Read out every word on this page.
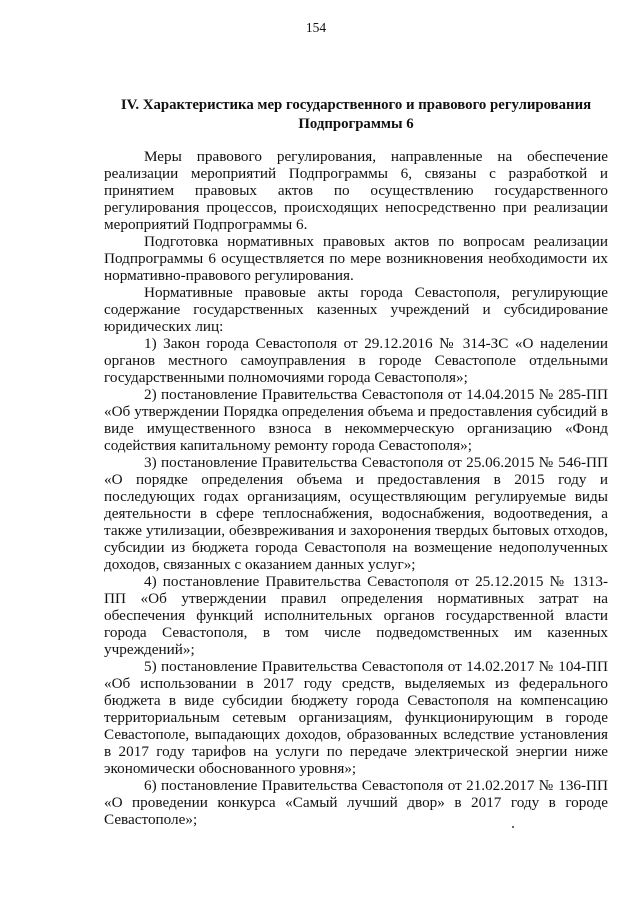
154
IV. Характеристика мер государственного и правового регулирования
Подпрограммы 6

Меры правового регулирования, направленные на обеспечение реализации мероприятий Подпрограммы 6, связаны с разработкой и принятием правовых актов по осуществлению государственного регулирования процессов, происходящих непосредственно при реализации мероприятий Подпрограммы 6.

Подготовка нормативных правовых актов по вопросам реализации Подпрограммы 6 осуществляется по мере возникновения необходимости их нормативно-правового регулирования.

Нормативные правовые акты города Севастополя, регулирующие содержание государственных казенных учреждений и субсидирование юридических лиц:

1) Закон города Севастополя от 29.12.2016 № 314-ЗС «О наделении органов местного самоуправления в городе Севастополе отдельными государственными полномочиями города Севастополя»;

2) постановление Правительства Севастополя от 14.04.2015 № 285-ПП «Об утверждении Порядка определения объема и предоставления субсидий в виде имущественного взноса в некоммерческую организацию «Фонд содействия капитальному ремонту города Севастополя»;

3) постановление Правительства Севастополя от 25.06.2015 № 546-ПП «О порядке определения объема и предоставления в 2015 году и последующих годах организациям, осуществляющим регулируемые виды деятельности в сфере теплоснабжения, водоснабжения, водоотведения, а также утилизации, обезвреживания и захоронения твердых бытовых отходов, субсидии из бюджета города Севастополя на возмещение недополученных доходов, связанных с оказанием данных услуг»;

4) постановление Правительства Севастополя от 25.12.2015 № 1313-ПП «Об утверждении правил определения нормативных затрат на обеспечения функций исполнительных органов государственной власти города Севастополя, в том числе подведомственных им казенных учреждений»;

5) постановление Правительства Севастополя от 14.02.2017 № 104-ПП «Об использовании в 2017 году средств, выделяемых из федерального бюджета в виде субсидии бюджету города Севастополя на компенсацию территориальным сетевым организациям, функционирующим в городе Севастополе, выпадающих доходов, образованных вследствие установления в 2017 году тарифов на услуги по передаче электрической энергии ниже экономически обоснованного уровня»;

6) постановление Правительства Севастополя от 21.02.2017 № 136-ПП «О проведении конкурса «Самый лучший двор» в 2017 году в городе Севастополе»;
